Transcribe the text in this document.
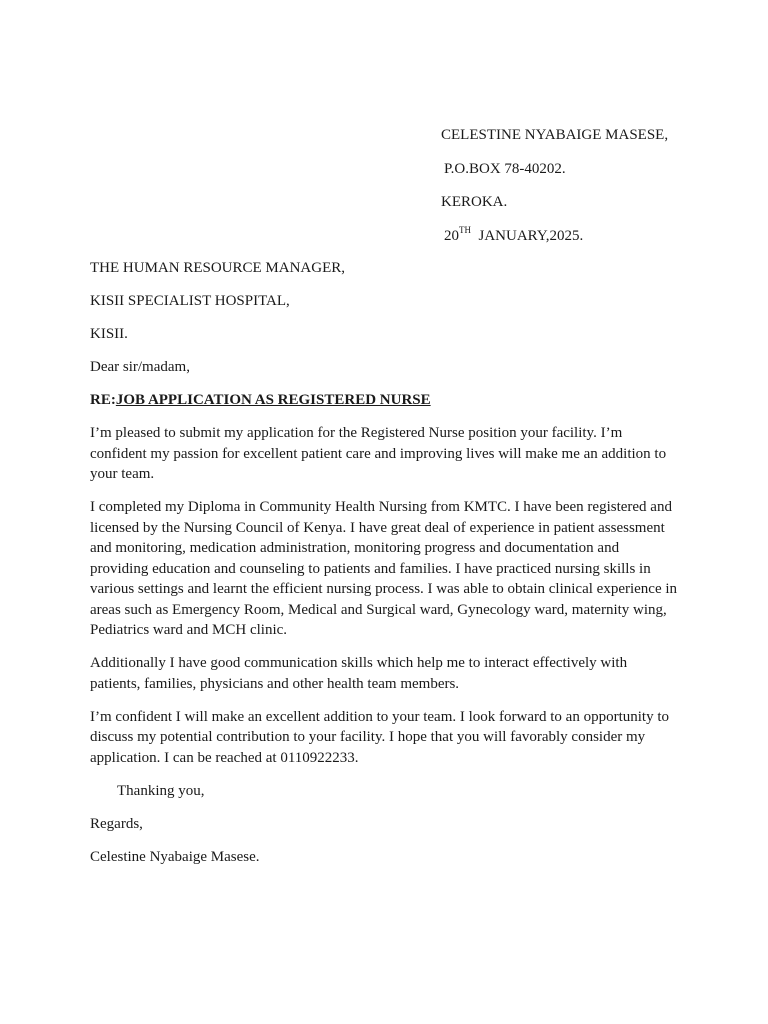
CELESTINE NYABAIGE MASESE,
P.O.BOX 78-40202.
KEROKA.
20TH JANUARY,2025.

THE HUMAN RESOURCE MANAGER,

KISII SPECIALIST HOSPITAL,

KISII.

Dear sir/madam,

RE:JOB APPLICATION AS REGISTERED NURSE

I’m pleased to submit my application for the Registered Nurse position your facility. I’m confident my passion for excellent patient care and improving lives will make me an addition to your team.

I completed my Diploma in Community Health Nursing from KMTC. I have been registered and licensed by the Nursing Council of Kenya. I have great deal of experience in patient assessment and monitoring, medication administration, monitoring progress and documentation and providing education and counseling to patients and families. I have practiced nursing skills in various settings and learnt the efficient nursing process. I was able to obtain clinical experience in areas such as Emergency Room, Medical and Surgical ward, Gynecology ward, maternity wing, Pediatrics ward and MCH clinic.

Additionally I have good communication skills which help me to interact effectively with patients, families, physicians and other health team members.

I’m confident I will make an excellent addition to your team. I look forward to an opportunity to discuss my potential contribution to your facility. I hope that you will favorably consider my application. I can be reached at 0110922233.

Thanking you,

Regards,

Celestine Nyabaige Masese.
